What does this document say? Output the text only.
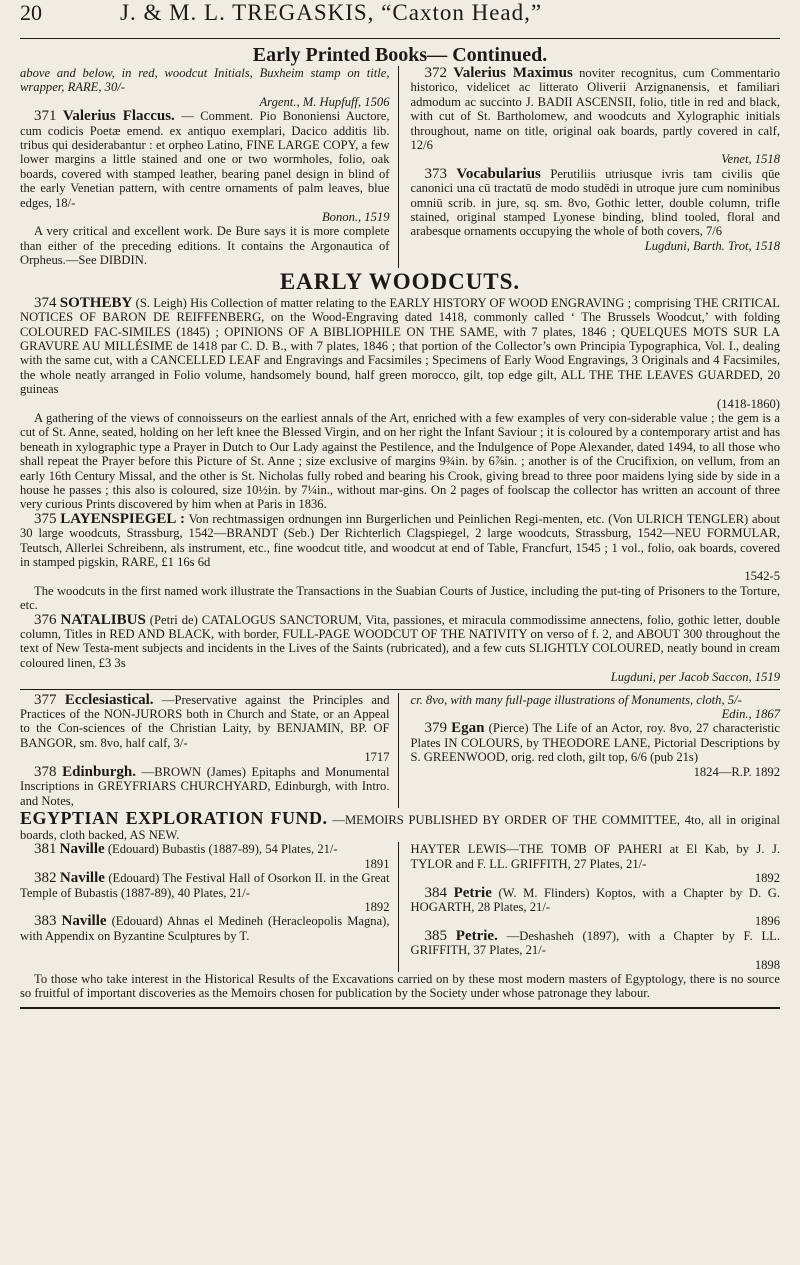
20	J. & M. L. TREGASKIS, “Caxton Head,”
Early Printed Books— Continued.

above and below, in red, woodcut Initials, Buxheim stamp on title, wrapper, RARE, 30/-

Argent., M. Hupfuff, 1506

371 Valerius Flaccus. — Comment. Pio Bononiensi Auctore, cum codicis Poetæ emend. ex antiquo exemplari, Dacico additis lib. tribus qui desiderabantur : et orpheo Latino, FINE LARGE COPY, a few lower margins a little stained and one or two wormholes, folio, oak boards, covered with stamped leather, bearing panel design in blind of the early Venetian pattern, with centre ornaments of palm leaves, blue edges, 18/-

Bonon., 1519

A very critical and excellent work. De Bure says it is more complete than either of the preceding editions. It contains the Argonautica of Orpheus.—See DIBDIN.

372 Valerius Maximus noviter recognitus, cum Commentario historico, videlicet ac litterato Oliverii Arzignanensis, et familiari admodum ac succinto J. BADII ASCENSII, folio, title in red and black, with cut of St. Bartholomew, and woodcuts and Xylographic initials throughout, name on title, original oak boards, partly covered in calf, 12/6

Venet, 1518

373 Vocabularius Perutiliis utriusque ivris tam civilis qūe canonici una cū tractatū de modo studēdi in utroque jure cum nominibus omniū scrib. in jure, sq. sm. 8vo, Gothic letter, double column, trifle stained, original stamped Lyonese binding, blind tooled, floral and arabesque ornaments occupying the whole of both covers, 7/6

Lugduni, Barth. Trot, 1518
EARLY WOODCUTS.

374 SOTHEBY (S. Leigh) His Collection of matter relating to the EARLY HISTORY OF WOOD ENGRAVING ; comprising THE CRITICAL NOTICES OF BARON DE REIFFENBERG, on the Wood-Engraving dated 1418, commonly called ‘ The Brussels Woodcut,’ with folding COLOURED FAC-SIMILES (1845) ; OPINIONS OF A BIBLIOPHILE ON THE SAME, with 7 plates, 1846 ; QUELQUES MOTS SUR LA GRAVURE AU MILLÉSIME de 1418 par C. D. B., with 7 plates, 1846 ; that portion of the Collector’s own Principia Typographica, Vol. I., dealing with the same cut, with a CANCELLED LEAF and Engravings and Facsimiles ; Specimens of Early Wood Engravings, 3 Originals and 4 Facsimiles, the whole neatly arranged in Folio volume, handsomely bound, half green morocco, gilt, top edge gilt, ALL THE THE LEAVES GUARDED, 20 guineas

(1418-1860)

A gathering of the views of connoisseurs on the earliest annals of the Art, enriched with a few examples of very con-siderable value ; the gem is a cut of St. Anne, seated, holding on her left knee the Blessed Virgin, and on her right the Infant Saviour ; it is coloured by a contemporary artist and has beneath in xylographic type a Prayer in Dutch to Our Lady against the Pestilence, and the Indulgence of Pope Alexander, dated 1494, to all those who shall repeat the Prayer before this Picture of St. Anne ; size exclusive of margins 9¾in. by 6⅞in. ; another is of the Crucifixion, on vellum, from an early 16th Century Missal, and the other is St. Nicholas fully robed and bearing his Crook, giving bread to three poor maidens lying side by side in a house he passes ; this also is coloured, size 10½in. by 7¼in., without mar-gins. On 2 pages of foolscap the collector has written an account of three very curious Prints discovered by him when at Paris in 1836.

375 LAYENSPIEGEL : Von rechtmassigen ordnungen inn Burgerlichen und Peinlichen Regi-menten, etc. (Von ULRICH TENGLER) about 30 large woodcuts, Strassburg, 1542—BRANDT (Seb.) Der Richterlich Clagspiegel, 2 large woodcuts, Strassburg, 1542—NEU FORMULAR, Teutsch, Allerlei Schreibenn, als instrument, etc., fine woodcut title, and woodcut at end of Table, Francfurt, 1545 ; 1 vol., folio, oak boards, covered in stamped pigskin, RARE, £1 16s 6d

1542-5

The woodcuts in the first named work illustrate the Transactions in the Suabian Courts of Justice, including the put-ting of Prisoners to the Torture, etc.

376 NATALIBUS (Petri de) CATALOGUS SANCTORUM, Vita, passiones, et miracula commodissime annectens, folio, gothic letter, double column, Titles in RED AND BLACK, with border, FULL-PAGE WOODCUT OF THE NATIVITY on verso of f. 2, and ABOUT 300 throughout the text of New Testa-ment subjects and incidents in the Lives of the Saints (rubricated), and a few cuts SLIGHTLY COLOURED, neatly bound in cream coloured linen, £3 3s

Lugduni, per Jacob Saccon, 1519

377 Ecclesiastical. —Preservative against the Principles and Practices of the NON-JURORS both in Church and State, or an Appeal to the Con-sciences of the Christian Laity, by BENJAMIN, BP. OF BANGOR, sm. 8vo, half calf, 3/-

1717

378 Edinburgh. —BROWN (James) Epitaphs and Monumental Inscriptions in GREYFRIARS CHURCHYARD, Edinburgh, with Intro. and Notes,

cr. 8vo, with many full-page illustrations of Monuments, cloth, 5/-

Edin., 1867

379 Egan (Pierce) The Life of an Actor, roy. 8vo, 27 characteristic Plates IN COLOURS, by THEODORE LANE, Pictorial Descriptions by S. GREENWOOD, orig. red cloth, gilt top, 6/6 (pub 21s)

1824—R.P. 1892

EGYPTIAN EXPLORATION FUND. —MEMOIRS PUBLISHED BY ORDER OF THE COMMITTEE, 4to, all in original boards, cloth backed, AS NEW.

381 Naville (Edouard) Bubastis (1887-89), 54 Plates, 21/-

1891

382 Naville (Edouard) The Festival Hall of Osorkon II. in the Great Temple of Bubastis (1887-89), 40 Plates, 21/-

1892

383 Naville (Edouard) Ahnas el Medineh (Heracleopolis Magna), with Appendix on Byzantine Sculptures by T.

HAYTER LEWIS—THE TOMB OF PAHERI at El Kab, by J. J. TYLOR and F. LL. GRIFFITH, 27 Plates, 21/-

1892

384 Petrie (W. M. Flinders) Koptos, with a Chapter by D. G. HOGARTH, 28 Plates, 21/-

1896

385 Petrie. —Deshasheh (1897), with a Chapter by F. LL. GRIFFITH, 37 Plates, 21/-

1898

To those who take interest in the Historical Results of the Excavations carried on by these most modern masters of Egyptology, there is no source so fruitful of important discoveries as the Memoirs chosen for publication by the Society under whose patronage they labour.
